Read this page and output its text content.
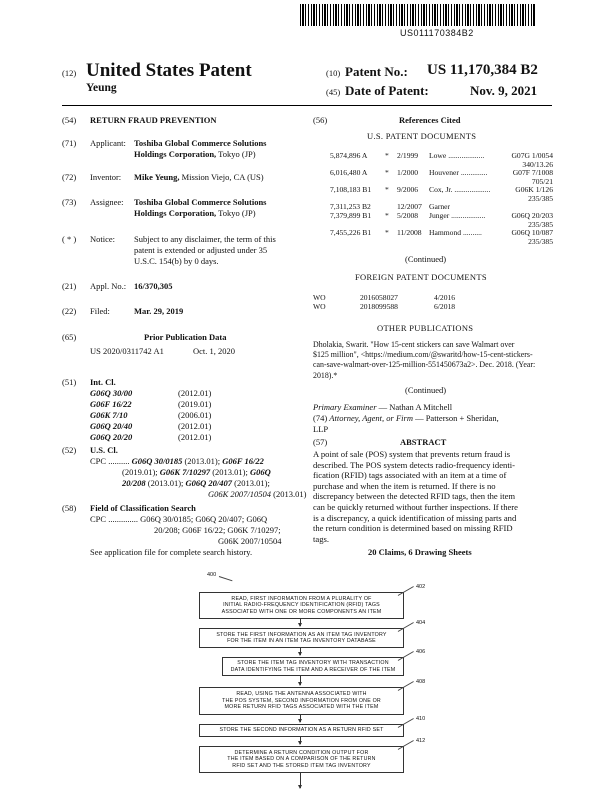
US011170384B2
(12) United States Patent
Yeung
(10) Patent No.: US 11,170,384 B2
(45) Date of Patent:	Nov. 9, 2021
(54) RETURN FRAUD PREVENTION
(71) Applicant: Toshiba Global Commerce Solutions
Holdings Corporation, Tokyo (JP)
(72) Inventor: Mike Yeung, Mission Viejo, CA (US)
(73) Assignee: Toshiba Global Commerce Solutions
Holdings Corporation, Tokyo (JP)
( * ) Notice: Subject to any disclaimer, the term of this
patent is extended or adjusted under 35
U.S.C. 154(b) by 0 days.
(21) Appl. No.: 16/370,305
(22) Filed:	Mar. 29, 2019
(65)	Prior Publication Data
US 2020/0311742 A1	Oct. 1, 2020
(51) Int. Cl.
G06Q 30/00	(2012.01)
G06F 16/22	(2019.01)
G06K 7/10	(2006.01)
G06Q 20/40	(2012.01)
G06Q 20/20	(2012.01)
(52) U.S. Cl.
CPC .......... G06Q 30/0185 (2013.01); G06F 16/22
(2019.01); G06K 7/10297 (2013.01); G06Q
20/208 (2013.01); G06Q 20/407 (2013.01);
G06K 2007/10504 (2013.01)
(58) Field of Classification Search
CPC .............. G06Q 30/0185; G06Q 20/407; G06Q
20/208; G06F 16/22; G06K 7/10297;
G06K 2007/10504
See application file for complete search history.
(56)	References Cited
U.S. PATENT DOCUMENTS
5,874,896 A * 2/1999 Lowe ...................	G07G 1/0054
340/13.26
6,016,480 A * 1/2000 Houvener ..............	G07F 7/1008
705/21
7,108,183 B1 * 9/2006 Cox, Jr. ...................	G06K 1/126
235/385
7,311,253 B2	12/2007 Garner
7,379,899 B1 * 5/2008 Junger ..................	G06Q 20/203
235/385
7,455,226 B1 * 11/2008 Hammond ..........	G06Q 10/087
235/385
(Continued)
FOREIGN PATENT DOCUMENTS
WO	2016058027	4/2016
WO	2018099588	6/2018
OTHER PUBLICATIONS
Dholakia, Swarit. "How 15-cent stickers can save Walmart over
$125 million", <https://medium.com/@swaritd/how-15-cent-stickers-
can-save-walmart-over-125-million-551450673a2>. Dec. 2018. (Year:
2018).*
(Continued)
Primary Examiner — Nathan A Mitchell
(74) Attorney, Agent, or Firm — Patterson + Sheridan,
LLP
(57)	ABSTRACT
A point of sale (POS) system that prevents return fraud is
described. The POS system detects radio-frequency identi-
fication (RFID) tags associated with an item at a time of
purchase and when the item is returned. If there is no
discrepancy between the detected RFID tags, then the item
can be quickly returned without further inspections. If there
is a discrepancy, a quick identification of missing parts and
the return condition is determined based on missing RFID
tags.
20 Claims, 6 Drawing Sheets
400
READ, FIRST INFORMATION FROM A PLURALITY OF
INITIAL RADIO-FREQUENCY IDENTIFICATION (RFID) TAGS
ASSOCIATED WITH ONE OR MORE COMPONENTS AN ITEM
402
STORE THE FIRST INFORMATION AS AN ITEM TAG INVENTORY
FOR THE ITEM IN AN ITEM TAG INVENTORY DATABASE
404
STORE THE ITEM TAG INVENTORY WITH TRANSACTION
DATA IDENTIFYING THE ITEM AND A RECEIVER OF THE ITEM
406
READ, USING THE ANTENNA ASSOCIATED WITH
THE POS SYSTEM, SECOND INFORMATION FROM ONE OR
MORE RETURN RFID TAGS ASSOCIATED WITH THE ITEM
408
STORE THE SECOND INFORMATION AS A RETURN RFID SET
410
DETERMINE A RETURN CONDITION OUTPUT FOR
THE ITEM BASED ON A COMPARISON OF THE RETURN
RFID SET AND THE STORED ITEM TAG INVENTORY
412
